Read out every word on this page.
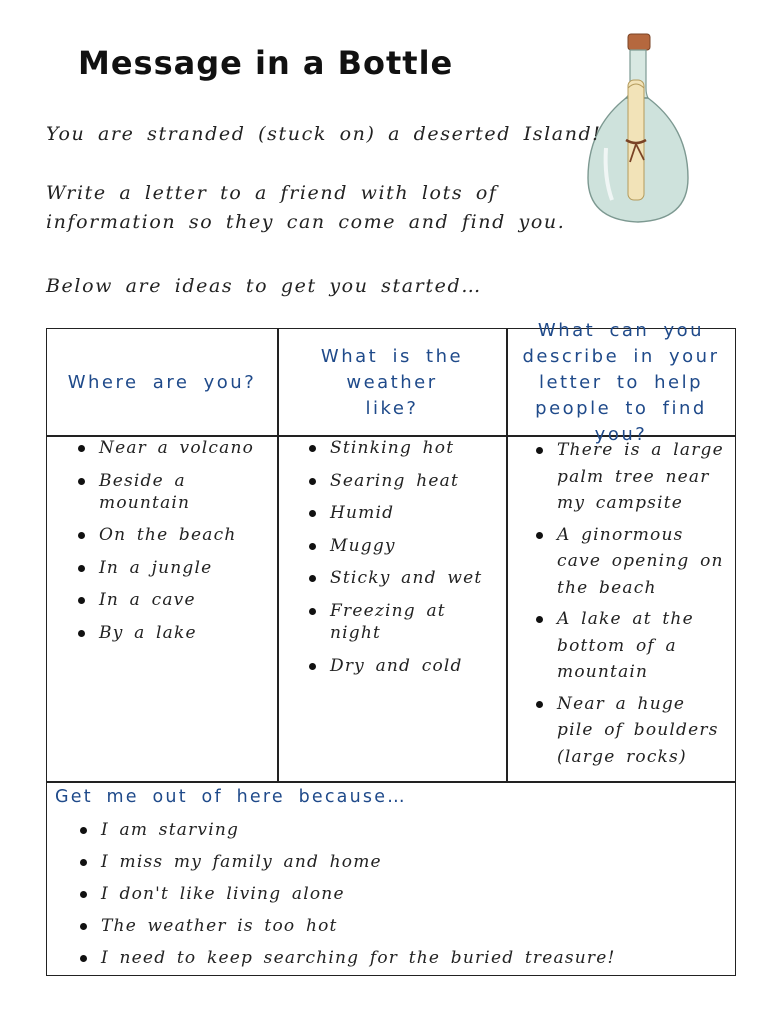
Message in a Bottle
You are stranded (stuck on) a deserted Island!
Write a letter to a friend with lots of
information so they can come and find you.
Below are ideas to get you started…
Where are you?
What is the weather like?
What can you describe in your letter to help people to find you?
Near a volcano
Beside a mountain
On the beach
In a jungle
In a cave
By a lake
Stinking hot
Searing heat
Humid
Muggy
Sticky and wet
Freezing at night
Dry and cold
There is a large palm tree near my campsite
A ginormous cave opening on the beach
A lake at the bottom of a mountain
Near a huge pile of boulders (large rocks)
Get me out of here because…
I am starving
I miss my family and home
I don't like living alone
The weather is too hot
I need to keep searching for the buried treasure!
